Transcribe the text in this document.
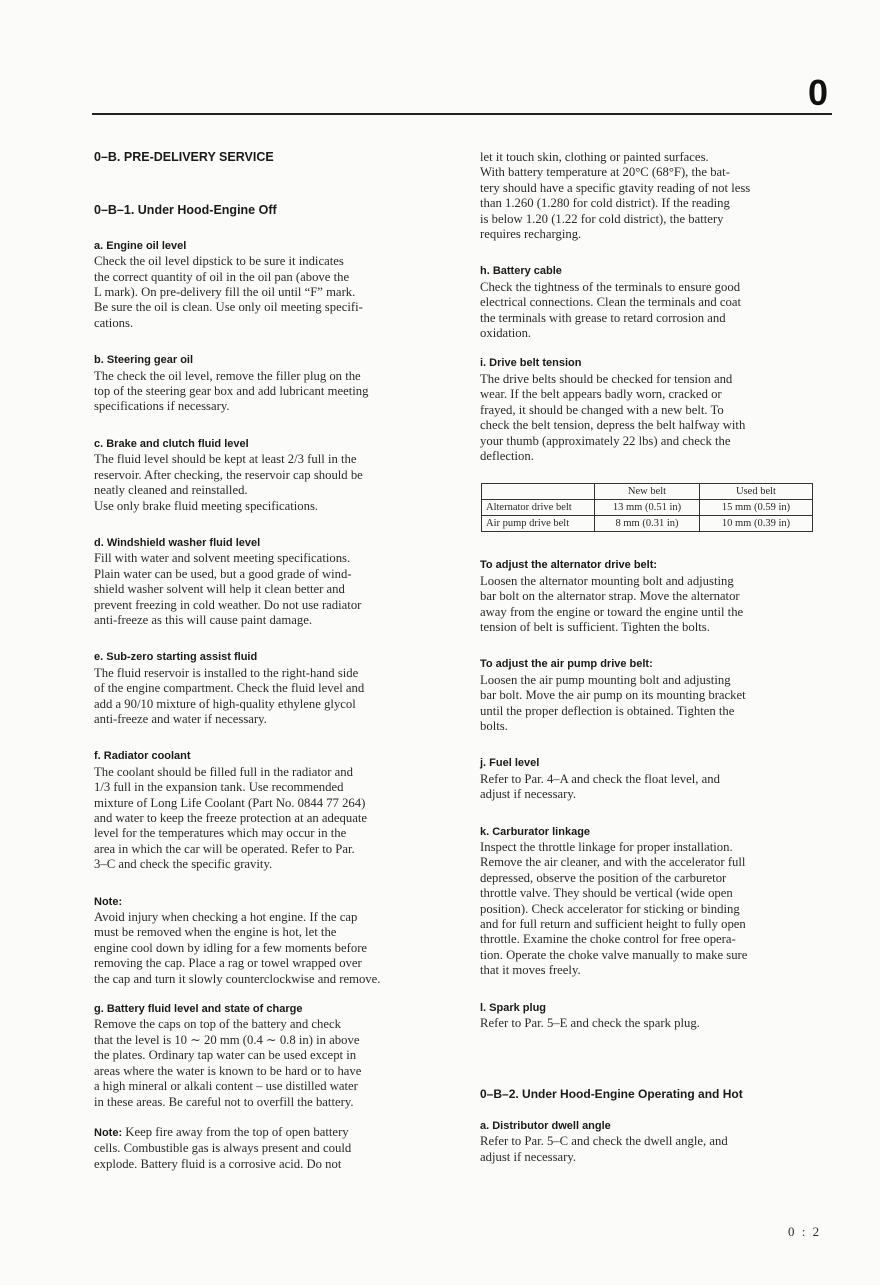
0
0–B. PRE-DELIVERY SERVICE
0–B–1. Under Hood-Engine Off
a. Engine oil level

Check the oil level dipstick to be sure it indicates

the correct quantity of oil in the oil pan (above the

L mark). On pre-delivery fill the oil until “F” mark.

Be sure the oil is clean. Use only oil meeting specifi-

cations.

b. Steering gear oil

The check the oil level, remove the filler plug on the

top of the steering gear box and add lubricant meeting

specifications if necessary.

c. Brake and clutch fluid level

The fluid level should be kept at least 2/3 full in the

reservoir. After checking, the reservoir cap should be

neatly cleaned and reinstalled.

Use only brake fluid meeting specifications.

d. Windshield washer fluid level

Fill with water and solvent meeting specifications.

Plain water can be used, but a good grade of wind-

shield washer solvent will help it clean better and

prevent freezing in cold weather. Do not use radiator

anti-freeze as this will cause paint damage.

e. Sub-zero starting assist fluid

The fluid reservoir is installed to the right-hand side

of the engine compartment. Check the fluid level and

add a 90/10 mixture of high-quality ethylene glycol

anti-freeze and water if necessary.

f. Radiator coolant

The coolant should be filled full in the radiator and

1/3 full in the expansion tank. Use recommended

mixture of Long Life Coolant (Part No. 0844 77 264)

and water to keep the freeze protection at an adequate

level for the temperatures which may occur in the

area in which the car will be operated. Refer to Par.

3–C and check the specific gravity.

Note:

Avoid injury when checking a hot engine. If the cap

must be removed when the engine is hot, let the

engine cool down by idling for a few moments before

removing the cap. Place a rag or towel wrapped over

the cap and turn it slowly counterclockwise and remove.

g. Battery fluid level and state of charge

Remove the caps on top of the battery and check

that the level is 10 ∼ 20 mm (0.4 ∼ 0.8 in) in above

the plates. Ordinary tap water can be used except in

areas where the water is known to be hard or to have

a high mineral or alkali content – use distilled water

in these areas. Be careful not to overfill the battery.

Note: Keep fire away from the top of open battery

cells. Combustible gas is always present and could

explode. Battery fluid is a corrosive acid. Do not

let it touch skin, clothing or painted surfaces.

With battery temperature at 20°C (68°F), the bat-

tery should have a specific gtavity reading of not less

than 1.260 (1.280 for cold district). If the reading

is below 1.20 (1.22 for cold district), the battery

requires recharging.

h. Battery cable

Check the tightness of the terminals to ensure good

electrical connections. Clean the terminals and coat

the terminals with grease to retard corrosion and

oxidation.

i. Drive belt tension

The drive belts should be checked for tension and

wear. If the belt appears badly worn, cracked or

frayed, it should be changed with a new belt. To

check the belt tension, depress the belt halfway with

your thumb (approximately 22 lbs) and check the

deflection.

	New belt	Used belt
Alternator drive belt	13 mm (0.51 in)	15 mm (0.59 in)
Air pump drive belt	8 mm (0.31 in)	10 mm (0.39 in)
To adjust the alternator drive belt:

Loosen the alternator mounting bolt and adjusting

bar bolt on the alternator strap. Move the alternator

away from the engine or toward the engine until the

tension of belt is sufficient. Tighten the bolts.

To adjust the air pump drive belt:

Loosen the air pump mounting bolt and adjusting

bar bolt. Move the air pump on its mounting bracket

until the proper deflection is obtained. Tighten the

bolts.

j. Fuel level

Refer to Par. 4–A and check the float level, and

adjust if necessary.

k. Carburator linkage

Inspect the throttle linkage for proper installation.

Remove the air cleaner, and with the accelerator full

depressed, observe the position of the carburetor

throttle valve. They should be vertical (wide open

position). Check accelerator for sticking or binding

and for full return and sufficient height to fully open

throttle. Examine the choke control for free opera-

tion. Operate the choke valve manually to make sure

that it moves freely.

l. Spark plug

Refer to Par. 5–E and check the spark plug.

0–B–2. Under Hood-Engine Operating and Hot
a. Distributor dwell angle

Refer to Par. 5–C and check the dwell angle, and

adjust if necessary.

0 : 2
